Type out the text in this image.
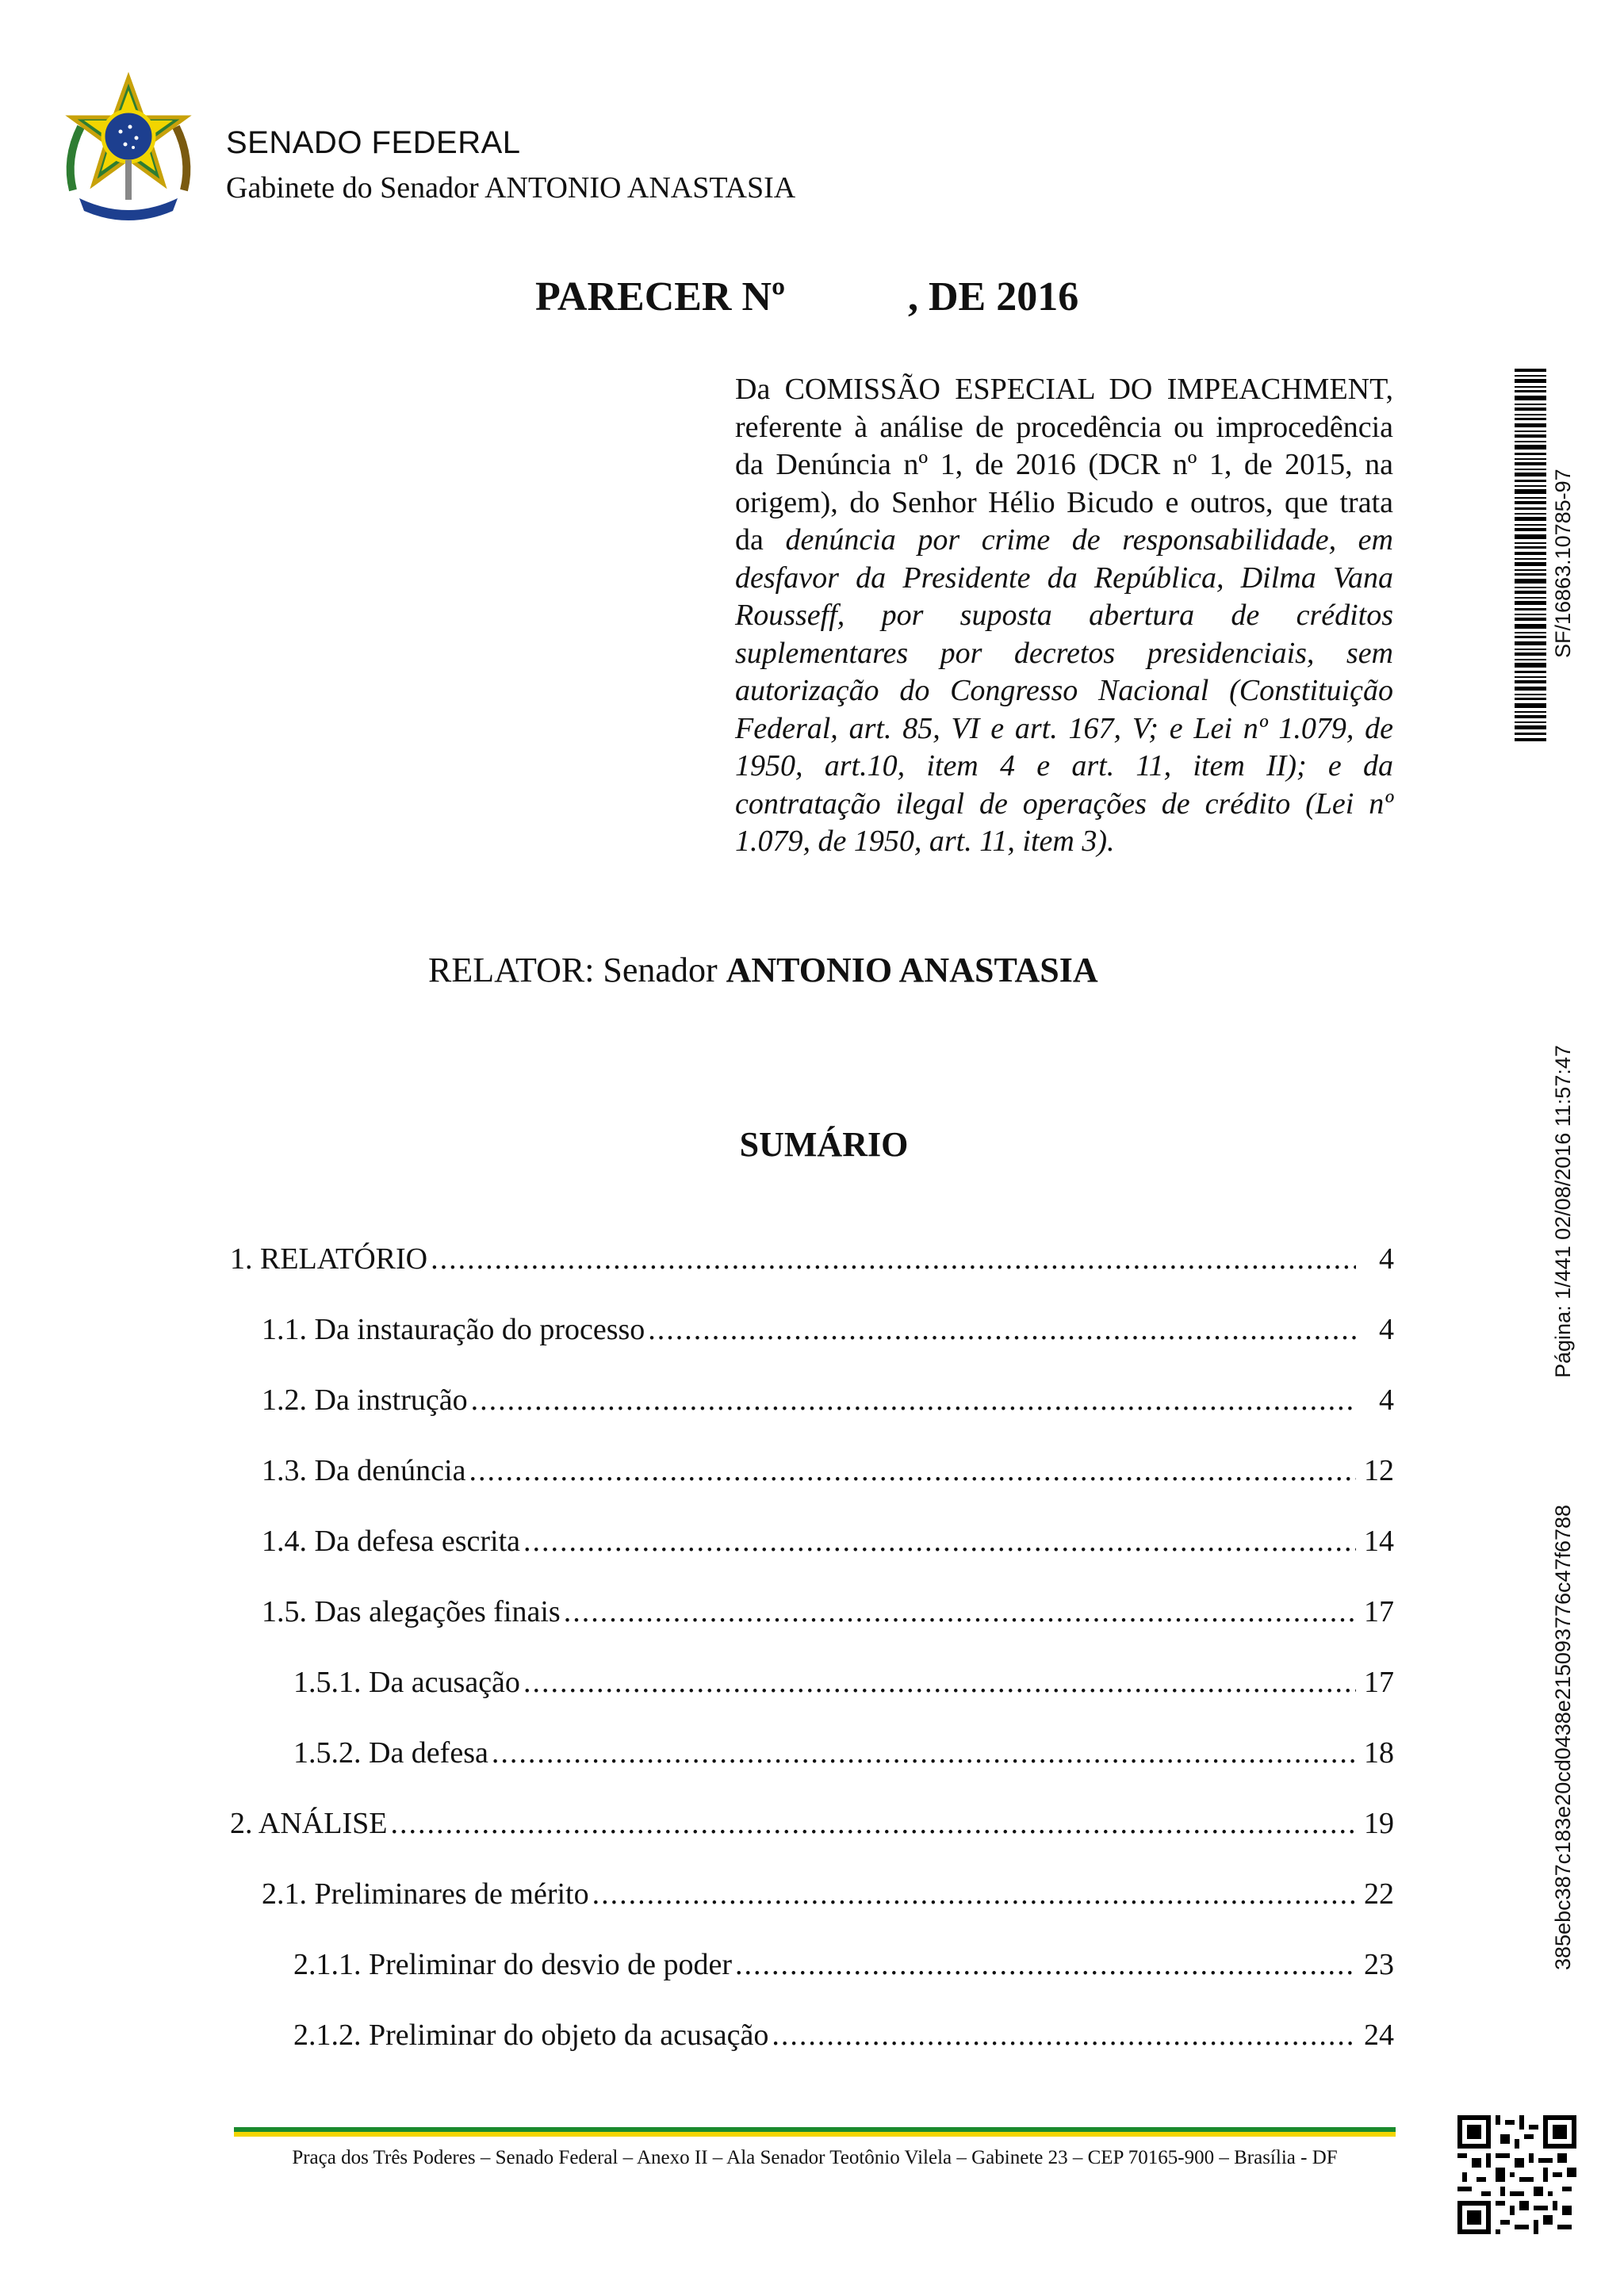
SENADO FEDERAL
Gabinete do Senador ANTONIO ANASTASIA
PARECER Nº	, DE 2016
Da COMISSÃO ESPECIAL DO IMPEACHMENT, referente à análise de procedência ou improcedência da Denúncia nº 1, de 2016 (DCR nº 1, de 2015, na origem), do Senhor Hélio Bicudo e outros, que trata da denúncia por crime de responsabilidade, em desfavor da Presidente da República, Dilma Vana Rousseff, por suposta abertura de créditos suplementares por decretos presidenciais, sem autorização do Congresso Nacional (Constituição Federal, art. 85, VI e art. 167, V; e Lei nº 1.079, de 1950, art.10, item 4 e art. 11, item II); e da contratação ilegal de operações de crédito (Lei nº 1.079, de 1950, art. 11, item 3).
RELATOR: Senador ANTONIO ANASTASIA
SUMÁRIO
1. RELATÓRIO .....	4
1.1. Da instauração do processo .....	4
1.2. Da instrução .....	4
1.3. Da denúncia .....	12
1.4. Da defesa escrita .....	14
1.5. Das alegações finais .....	17
1.5.1. Da acusação .....	17
1.5.2. Da defesa .....	18
2. ANÁLISE .....	19
2.1. Preliminares de mérito .....	22
2.1.1. Preliminar do desvio de poder .....	23
2.1.2. Preliminar do objeto da acusação .....	24
SF/16863.10785-97
Página: 1/441 02/08/2016 11:57:47
385ebc387c183e20cd0438e215093776c47f6788
Praça dos Três Poderes – Senado Federal – Anexo II – Ala Senador Teotônio Vilela – Gabinete 23 – CEP 70165-900 – Brasília - DF
